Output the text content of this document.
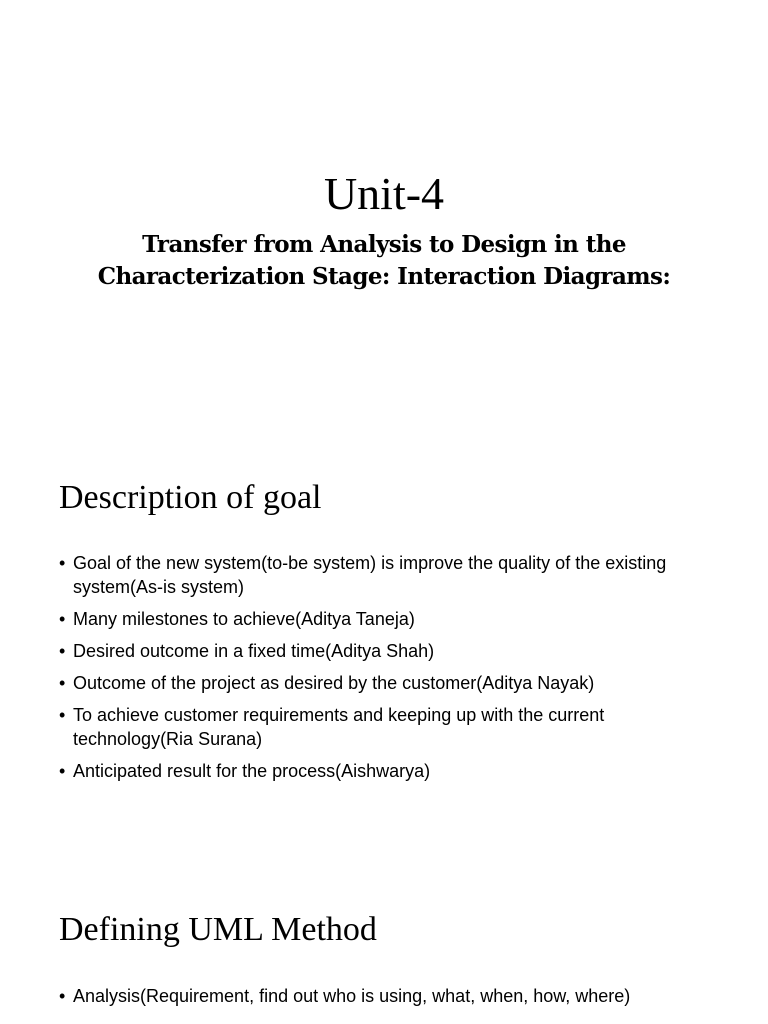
Unit-4
Transfer from Analysis to Design in the Characterization Stage: Interaction Diagrams:
Description of goal
• Goal of the new system(to-be system) is improve the quality of the existing system(As-is system)
• Many milestones to achieve(Aditya Taneja)
• Desired outcome in a fixed time(Aditya Shah)
• Outcome of the project as desired by the customer(Aditya Nayak)
• To achieve customer requirements and keeping up with the current technology(Ria Surana)
• Anticipated result for the process(Aishwarya)
Defining UML Method
• Analysis(Requirement, find out who is using, what, when, how, where)
